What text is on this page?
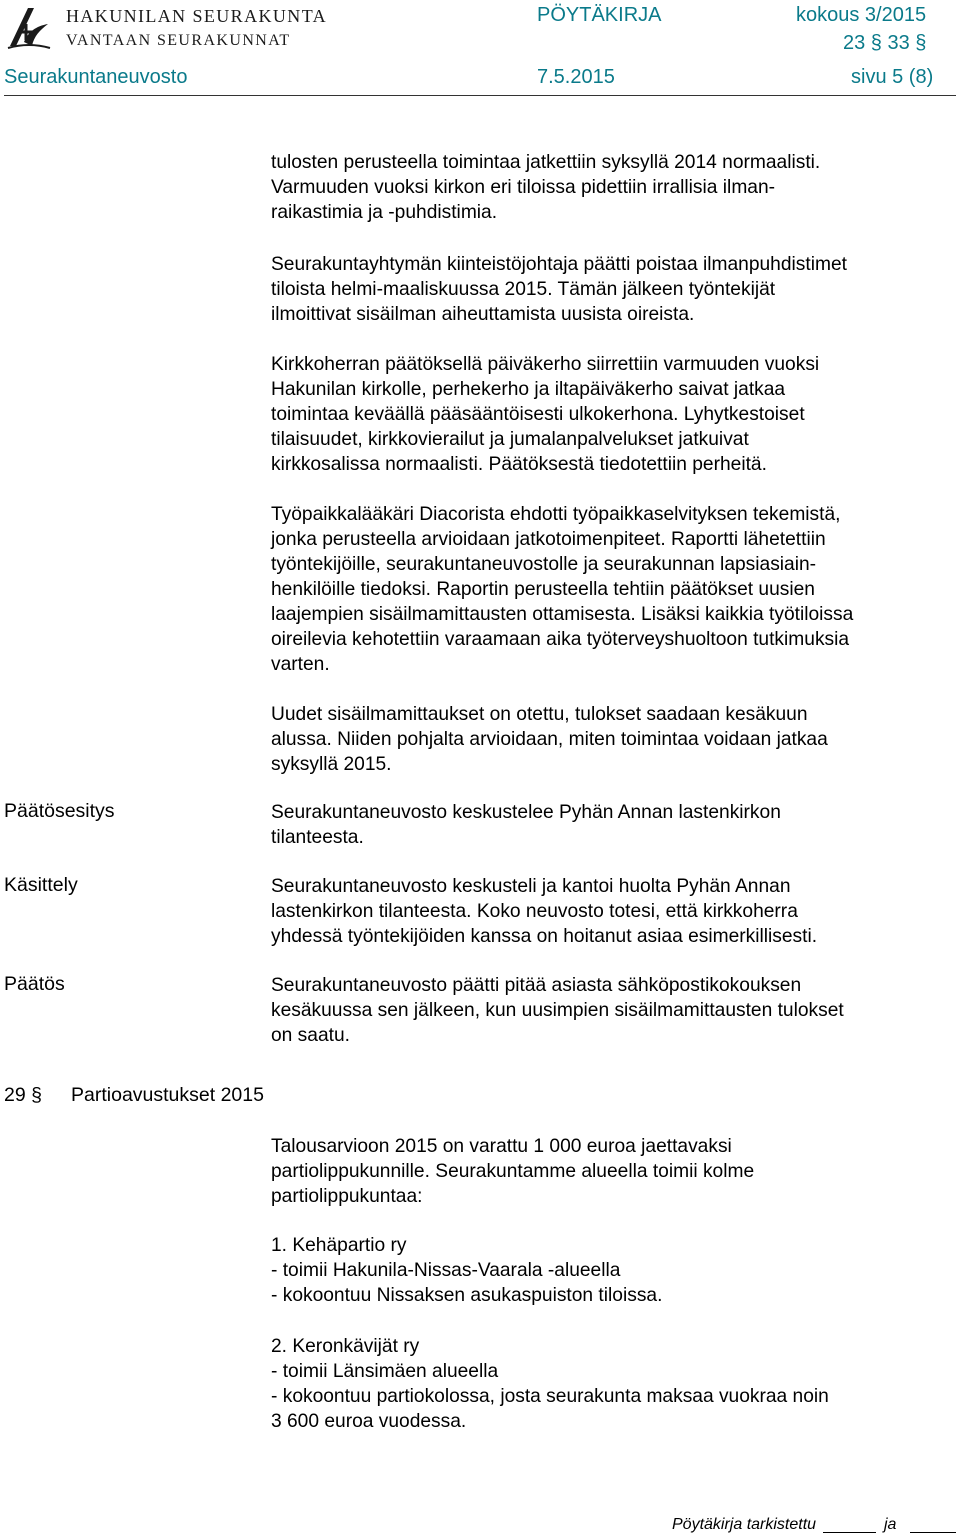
HAKUNILAN SEURAKUNTA
VANTAAN SEURAKUNNAT
PÖYTÄKIRJA	kokous 3/2015
23 § 33 §
Seurakuntaneuvosto	7.5.2015	sivu 5 (8)
tulosten perusteella toimintaa jatkettiin syksyllä 2014 normaalisti.
Varmuuden vuoksi kirkon eri tiloissa pidettiin irrallisia ilman-
raikastimia ja -puhdistimia.
Seurakuntayhtymän kiinteistöjohtaja päätti poistaa ilmanpuhdistimet
tiloista helmi-maaliskuussa 2015. Tämän jälkeen työntekijät
ilmoittivat sisäilman aiheuttamista uusista oireista.
Kirkkoherran päätöksellä päiväkerho siirrettiin varmuuden vuoksi
Hakunilan kirkolle, perhekerho ja iltapäiväkerho saivat jatkaa
toimintaa keväällä pääsääntöisesti ulkokerhona. Lyhytkestoiset
tilaisuudet, kirkkovierailut ja jumalanpalvelukset jatkuivat
kirkkosalissa normaalisti. Päätöksestä tiedotettiin perheitä.
Työpaikkalääkäri Diacorista ehdotti työpaikkaselvityksen tekemistä,
jonka perusteella arvioidaan jatkotoimenpiteet. Raportti lähetettiin
työntekijöille, seurakuntaneuvostolle ja seurakunnan lapsiasiain-
henkilöille tiedoksi. Raportin perusteella tehtiin päätökset uusien
laajempien sisäilmamittausten ottamisesta. Lisäksi kaikkia työtiloissa
oireilevia kehotettiin varaamaan aika työterveyshuoltoon tutkimuksia
varten.
Uudet sisäilmamittaukset on otettu, tulokset saadaan kesäkuun
alussa. Niiden pohjalta arvioidaan, miten toimintaa voidaan jatkaa
syksyllä 2015.
Päätösesitys	Seurakuntaneuvosto keskustelee Pyhän Annan lastenkirkon
tilanteesta.
Käsittely	Seurakuntaneuvosto keskusteli ja kantoi huolta Pyhän Annan
lastenkirkon tilanteesta. Koko neuvosto totesi, että kirkkoherra
yhdessä työntekijöiden kanssa on hoitanut asiaa esimerkillisesti.
Päätös	Seurakuntaneuvosto päätti pitää asiasta sähköpostikokouksen
kesäkuussa sen jälkeen, kun uusimpien sisäilmamittausten tulokset
on saatu.
29 § Partioavustukset 2015
Talousarvioon 2015 on varattu 1 000 euroa jaettavaksi
partiolippukunnille. Seurakuntamme alueella toimii kolme
partiolippukuntaa:
1. Kehäpartio ry
- toimii Hakunila-Nissas-Vaarala -alueella
- kokoontuu Nissaksen asukaspuiston tiloissa.
2. Keronkävijät ry
- toimii Länsimäen alueella
- kokoontuu partiokolossa, josta seurakunta maksaa vuokraa noin
3 600 euroa vuodessa.
Pöytäkirja tarkistettu	ja
